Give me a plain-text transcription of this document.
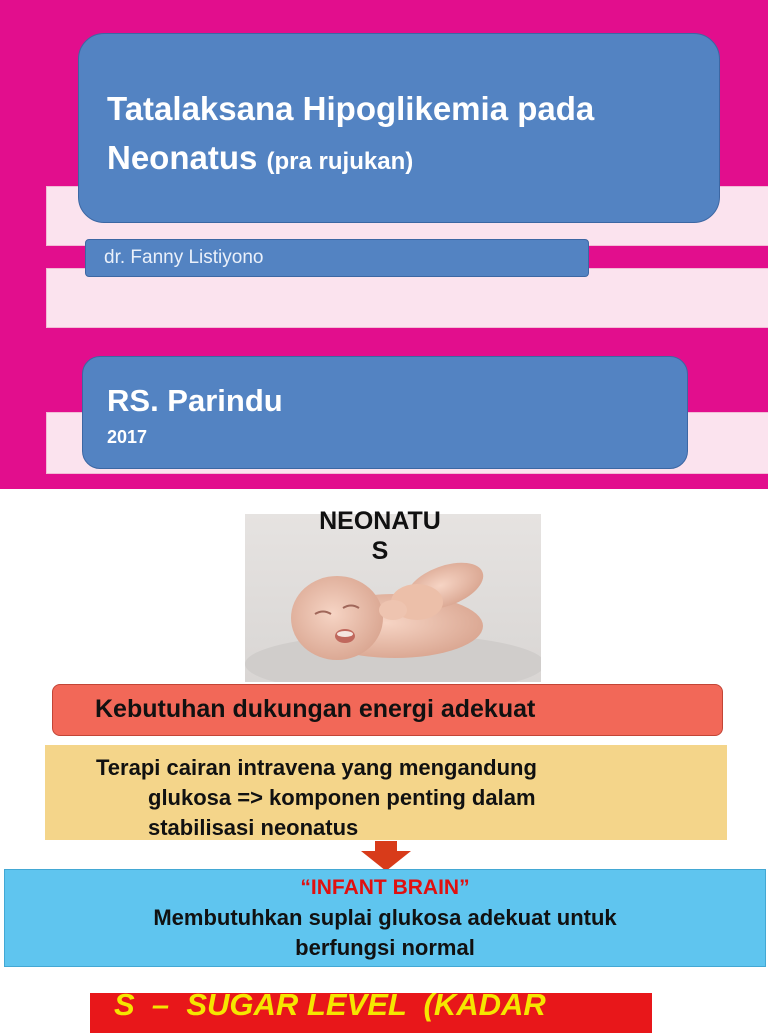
Tatalaksana Hipoglikemia pada
Neonatus (pra rujukan)
dr. Fanny Listiyono
RS. Parindu
2017
NEONATU
S
Kebutuhan dukungan energi adekuat
Terapi cairan intravena yang mengandung
glukosa => komponen penting dalam
stabilisasi neonatus
“INFANT BRAIN”
Membutuhkan suplai glukosa adekuat untuk
berfungsi normal
S  –  SUGAR LEVEL  (KADAR
